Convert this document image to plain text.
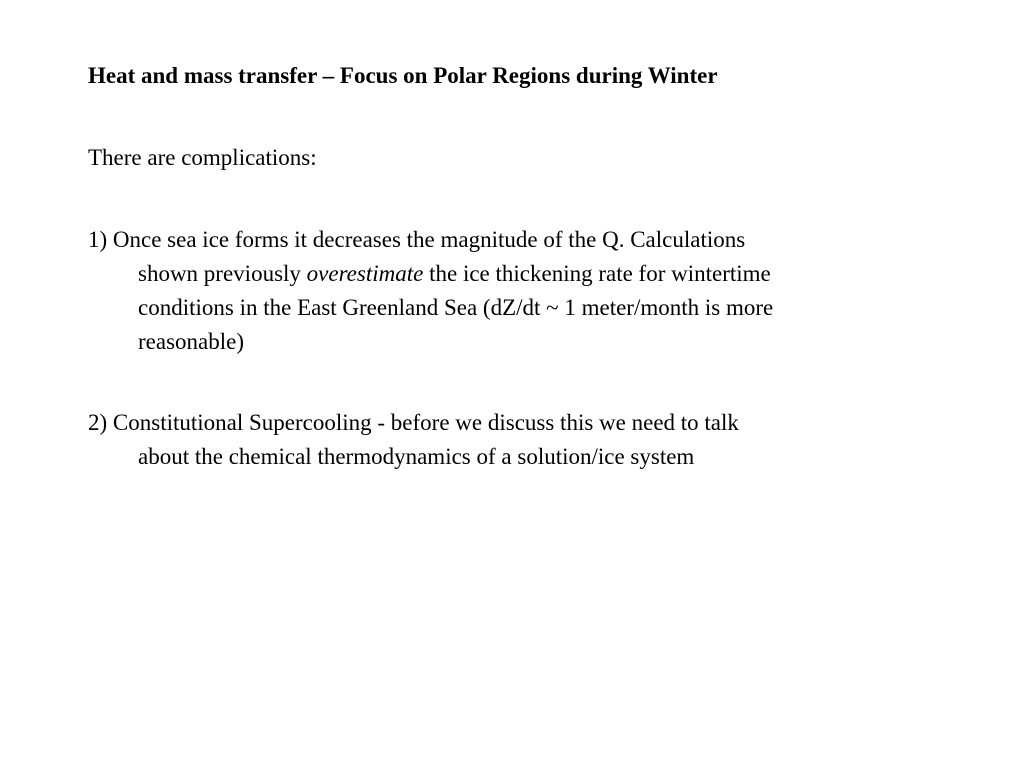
Heat and mass transfer – Focus on Polar Regions during Winter
There are complications:
1) Once sea ice forms it decreases the magnitude of the Q. Calculations
shown previously overestimate the ice thickening rate for wintertime
conditions in the East Greenland Sea (dZ/dt ~ 1 meter/month is more
reasonable)
2) Constitutional Supercooling - before we discuss this we need to talk
about the chemical thermodynamics of a solution/ice system
